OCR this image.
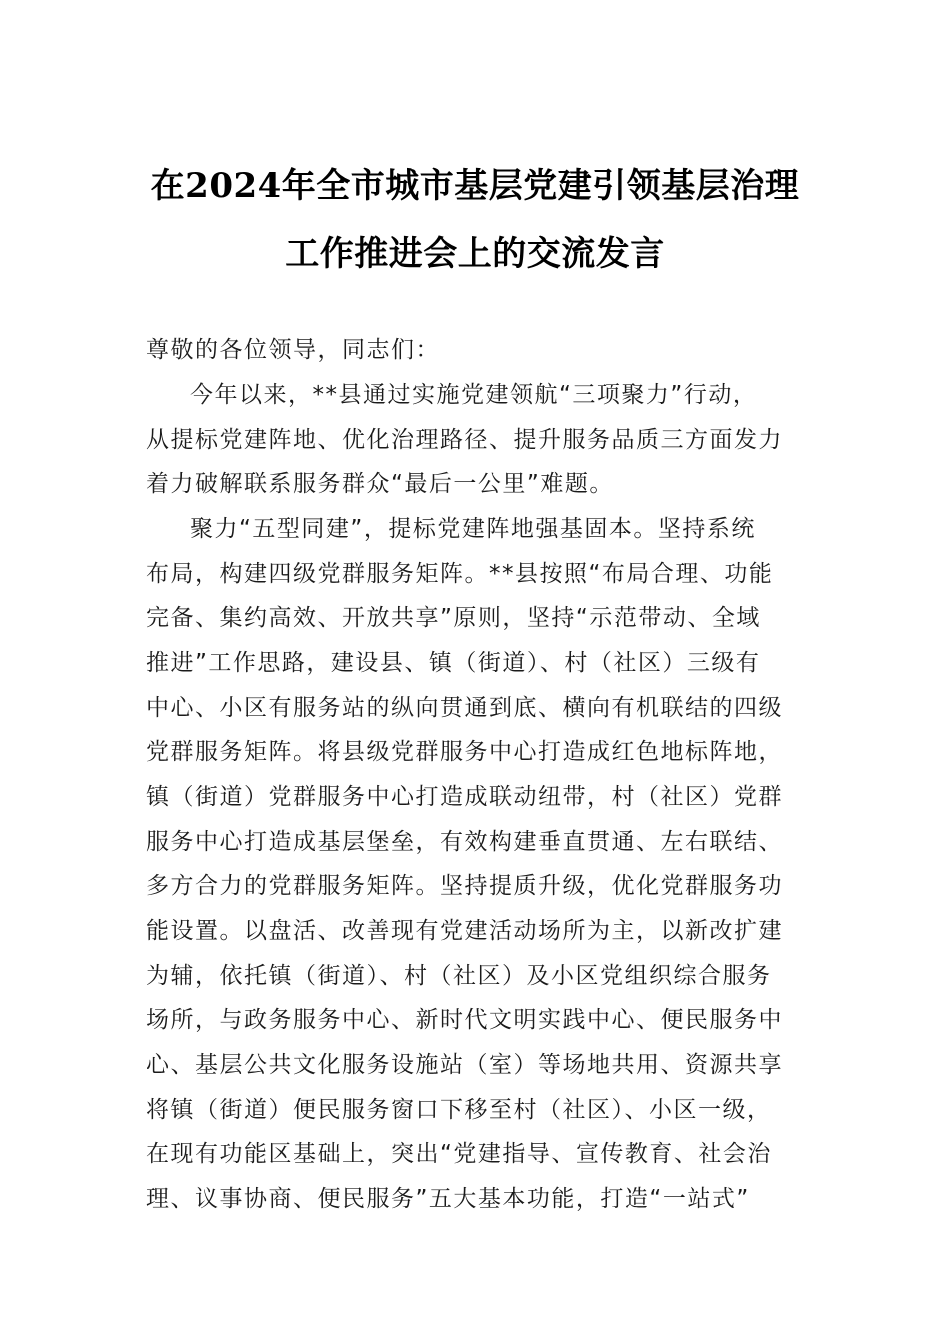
在2024年全市城市基层党建引领基层治理
工作推进会上的交流发言
尊敬的各位领导，同志们：
今年以来，**县通过实施党建领航“三项聚力”行动，
从提标党建阵地、优化治理路径、提升服务品质三方面发力
着力破解联系服务群众“最后一公里”难题。
聚力“五型同建”，提标党建阵地强基固本。坚持系统
布局，构建四级党群服务矩阵。**县按照“布局合理、功能
完备、集约高效、开放共享”原则，坚持“示范带动、全域
推进”工作思路，建设县、镇（街道）、村（社区）三级有
中心、小区有服务站的纵向贯通到底、横向有机联结的四级
党群服务矩阵。将县级党群服务中心打造成红色地标阵地，
镇（街道）党群服务中心打造成联动纽带，村（社区）党群
服务中心打造成基层堡垒，有效构建垂直贯通、左右联结、
多方合力的党群服务矩阵。坚持提质升级，优化党群服务功
能设置。以盘活、改善现有党建活动场所为主，以新改扩建
为辅，依托镇（街道）、村（社区）及小区党组织综合服务
场所，与政务服务中心、新时代文明实践中心、便民服务中
心、基层公共文化服务设施站（室）等场地共用、资源共享
将镇（街道）便民服务窗口下移至村（社区）、小区一级，
在现有功能区基础上，突出“党建指导、宣传教育、社会治
理、议事协商、便民服务”五大基本功能，打造“一站式”
